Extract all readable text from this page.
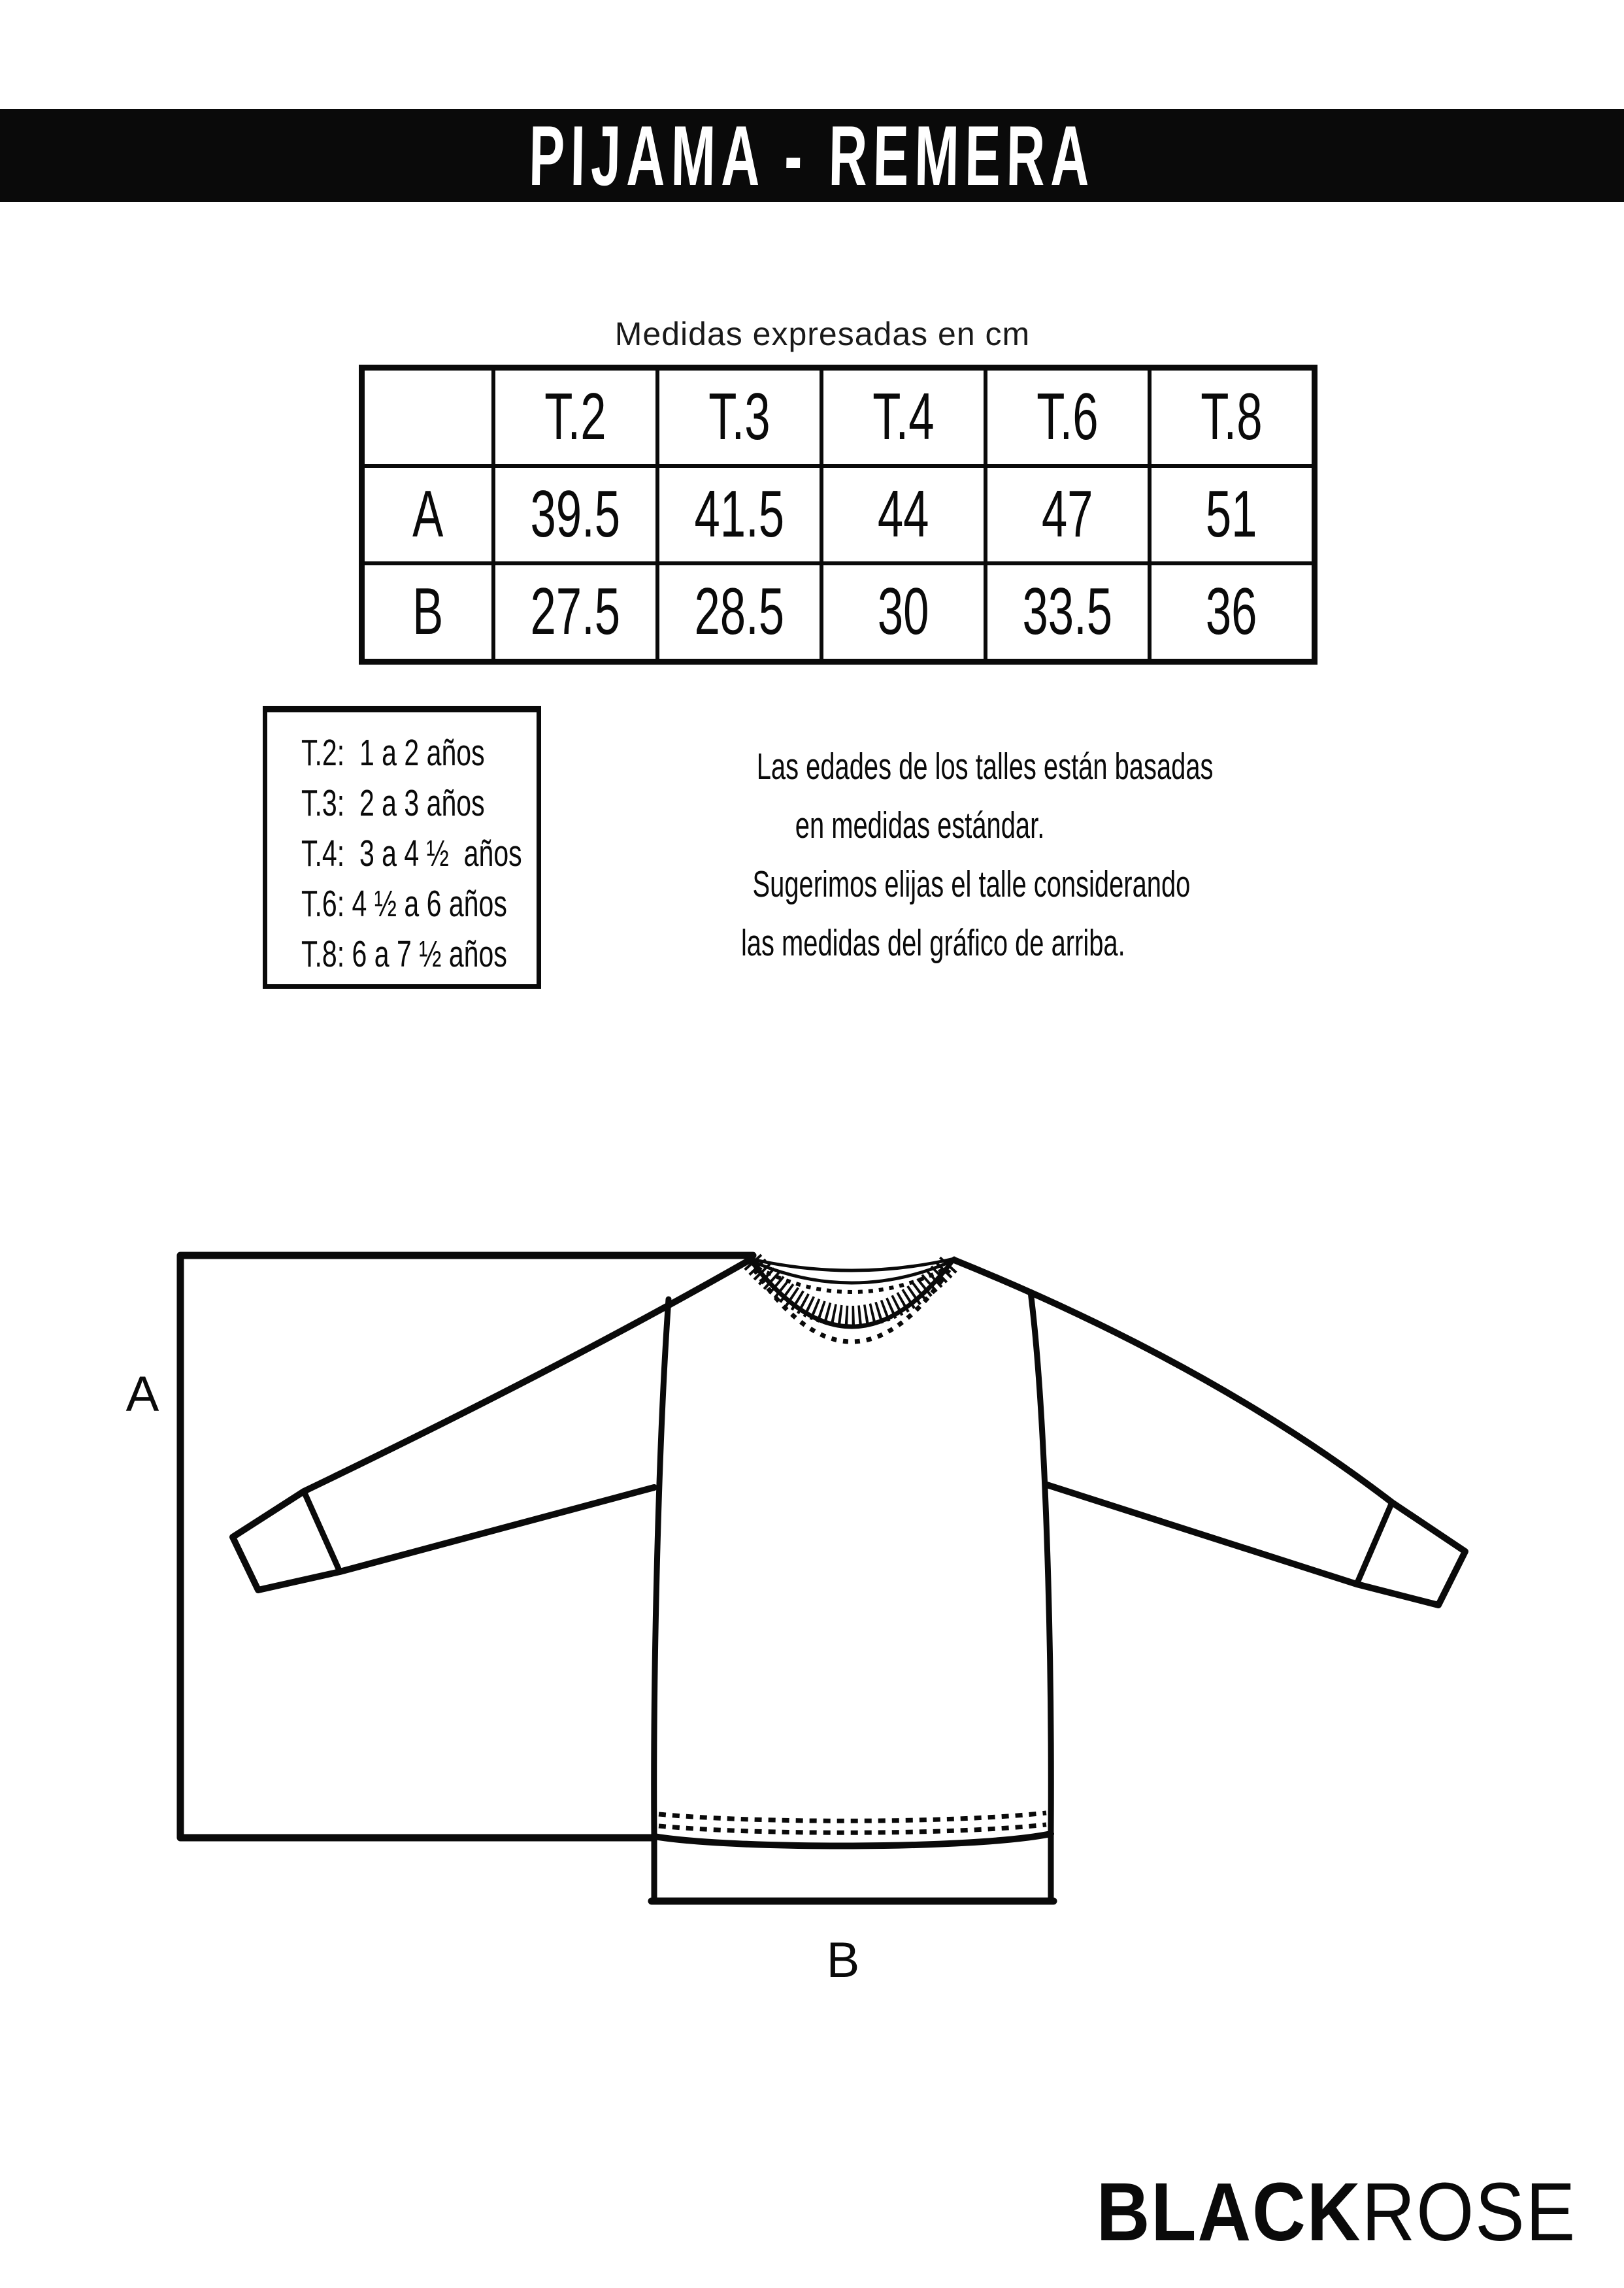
PIJAMA - REMERA
Medidas expresadas en cm
	T.2	T.3	T.4	T.6	T.8
A	39.5	41.5	44	47	51
B	27.5	28.5	30	33.5	36
T.2:  1 a 2 años
T.3:  2 a 3 años
T.4:  3 a 4 ½  años
T.6: 4 ½ a 6 años
T.8: 6 a 7 ½ años
Las edades de los talles están basadas
en medidas estándar.
Sugerimos elijas el talle considerando
las medidas del gráfico de arriba.
A
B
BLACKROSE
